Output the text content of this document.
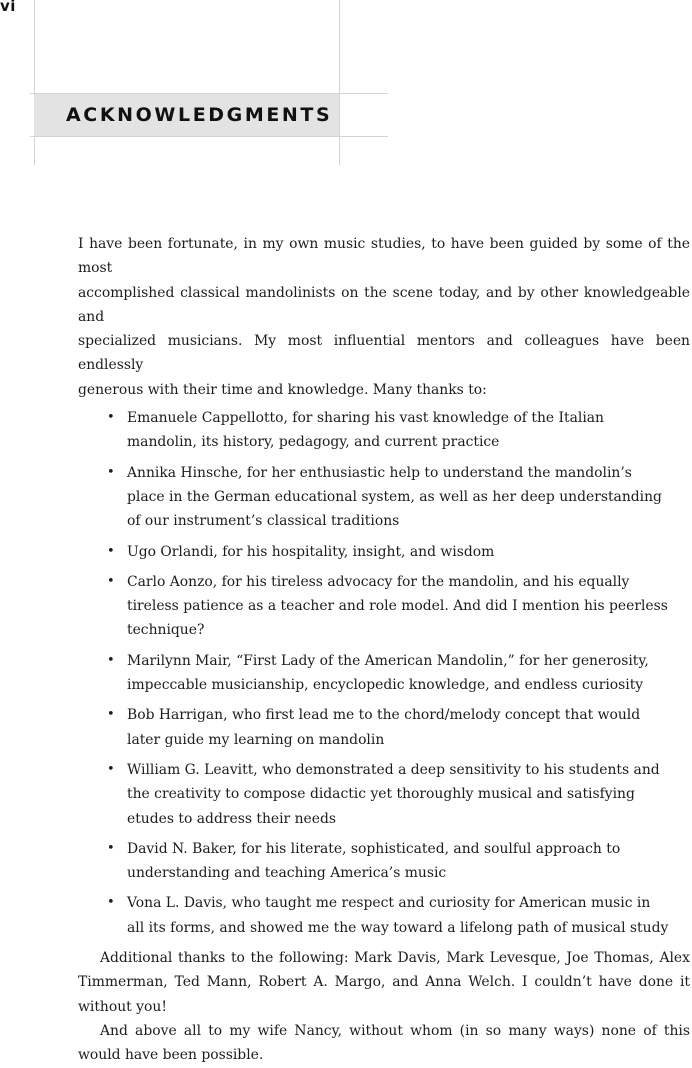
vi
ACKNOWLEDGMENTS

I have been fortunate, in my own music studies, to have been guided by some of the most
accomplished classical mandolinists on the scene today, and by other knowledgeable and
specialized musicians. My most influential mentors and colleagues have been endlessly
generous with their time and knowledge. Many thanks to:

• Emanuele Cappellotto, for sharing his vast knowledge of the Italian mandolin, its history, pedagogy, and current practice
• Annika Hinsche, for her enthusiastic help to understand the mandolin’s place in the German educational system, as well as her deep understanding of our instrument’s classical traditions
• Ugo Orlandi, for his hospitality, insight, and wisdom
• Carlo Aonzo, for his tireless advocacy for the mandolin, and his equally tireless patience as a teacher and role model. And did I mention his peerless technique?
• Marilynn Mair, “First Lady of the American Mandolin,” for her generosity, impeccable musicianship, encyclopedic knowledge, and endless curiosity
• Bob Harrigan, who first lead me to the chord/melody concept that would later guide my learning on mandolin
• William G. Leavitt, who demonstrated a deep sensitivity to his students and the creativity to compose didactic yet thoroughly musical and satisfying etudes to address their needs
• David N. Baker, for his literate, sophisticated, and soulful approach to understanding and teaching America’s music
• Vona L. Davis, who taught me respect and curiosity for American music in all its forms, and showed me the way toward a lifelong path of musical study

Additional thanks to the following: Mark Davis, Mark Levesque, Joe Thomas, Alex Timmerman, Ted Mann, Robert A. Margo, and Anna Welch. I couldn’t have done it without you!

And above all to my wife Nancy, without whom (in so many ways) none of this would have been possible.
